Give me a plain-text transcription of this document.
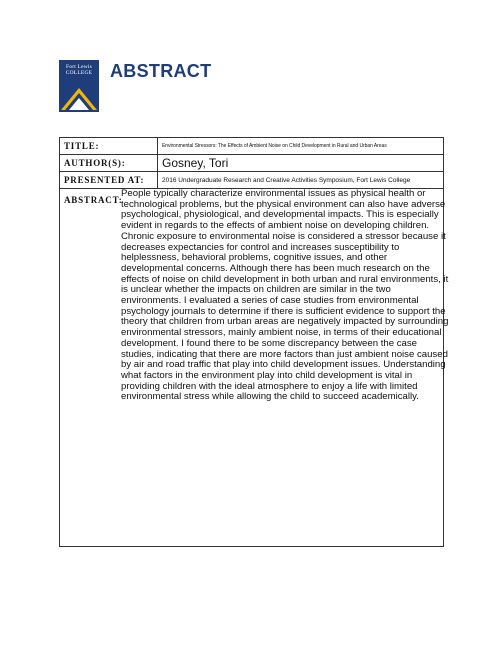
Fort Lewis
COLLEGE ABSTRACT
TITLE:	Environmental Stressors: The Effects of Ambient Noise on Child Development in Rural and Urban Areas
AUTHOR(S):	Gosney, Tori
PRESENTED AT:	2016 Undergraduate Research and Creative Activities Symposium, Fort Lewis College
ABSTRACT:
People typically characterize environmental issues as physical health or technological problems, but the physical environment can also have adverse psychological, physiological, and developmental impacts. This is especially evident in regards to the effects of ambient noise on developing children. Chronic exposure to environmental noise is considered a stressor because it decreases expectancies for control and increases susceptibility to helplessness, behavioral problems, cognitive issues, and other developmental concerns. Although there has been much research on the effects of noise on child development in both urban and rural environments, it is unclear whether the impacts on children are similar in the two environments. I evaluated a series of case studies from environmental psychology journals to determine if there is sufficient evidence to support the theory that children from urban areas are negatively impacted by surrounding environmental stressors, mainly ambient noise, in terms of their educational development. I found there to be some discrepancy between the case studies, indicating that there are more factors than just ambient noise caused by air and road traffic that play into child development issues. Understanding what factors in the environment play into child development is vital in providing children with the ideal atmosphere to enjoy a life with limited environmental stress while allowing the child to succeed academically.
